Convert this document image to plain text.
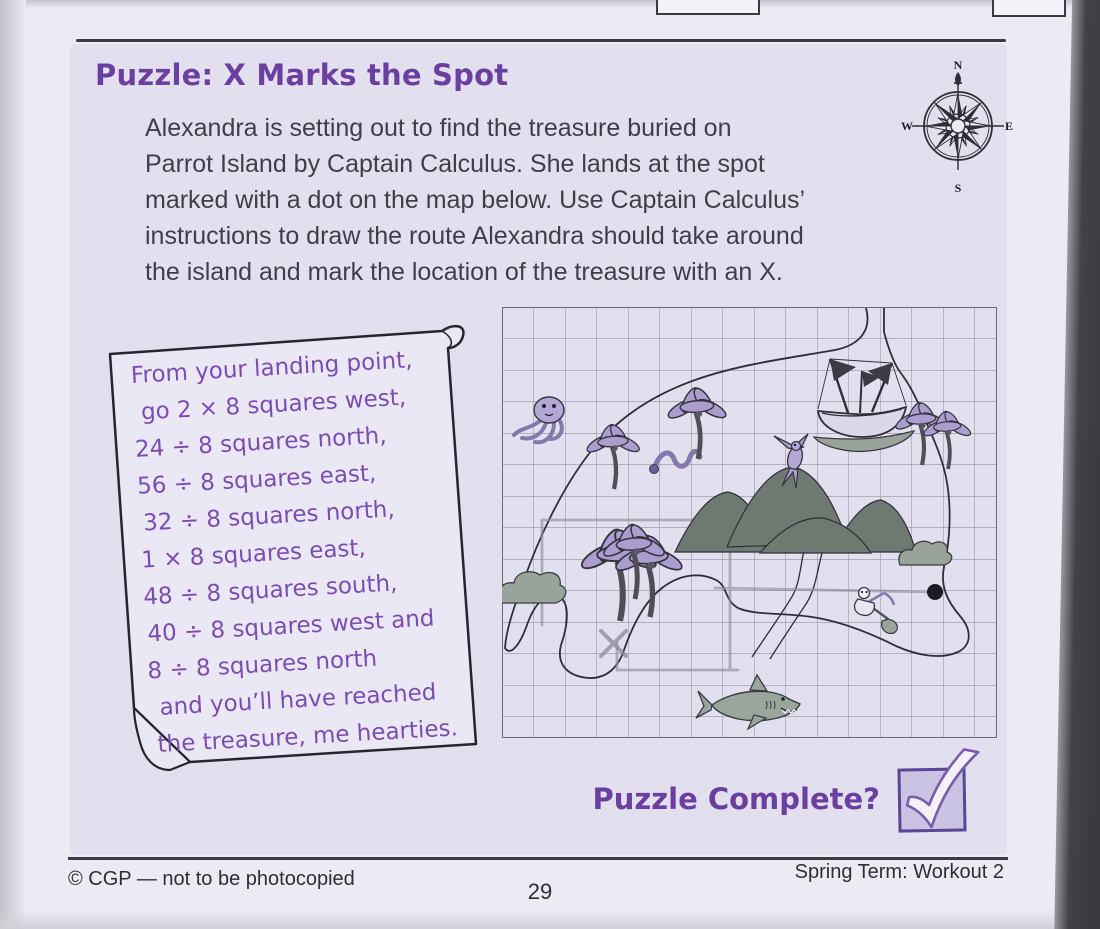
Puzzle: X Marks the Spot
Alexandra is setting out to find the treasure buried on
Parrot Island by Captain Calculus. She lands at the spot
marked with a dot on the map below. Use Captain Calculus’
instructions to draw the route Alexandra should take around
the island and mark the location of the treasure with an X.
N
E
S
W
From your landing point,
go 2 × 8 squares west,
24 ÷ 8 squares north,
56 ÷ 8 squares east,
32 ÷ 8 squares north,
1 × 8 squares east,
48 ÷ 8 squares south,
40 ÷ 8 squares west and
8 ÷ 8 squares north
and you’ll have reached
the treasure, me hearties.
Puzzle Complete?
© CGP — not to be photocopied	29
Spring Term: Workout 2
